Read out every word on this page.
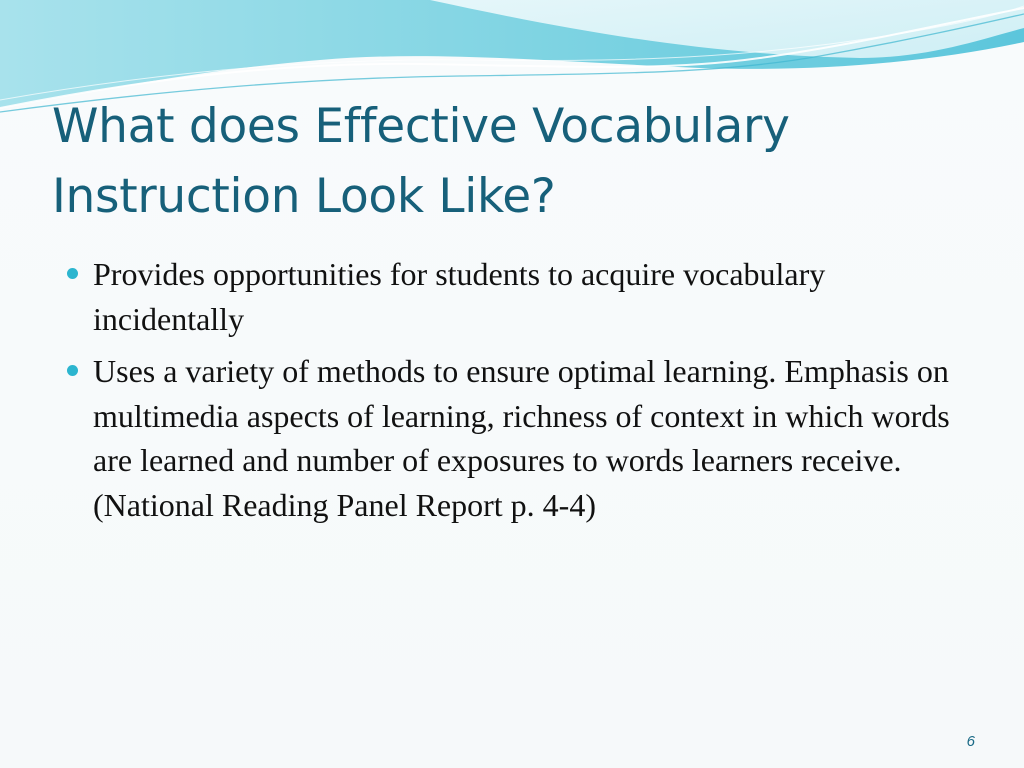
What does Effective Vocabulary Instruction Look Like?
Provides opportunities for students to acquire vocabulary incidentally
Uses a variety of methods to ensure optimal learning. Emphasis on multimedia aspects of learning, richness of context in which words are learned and number of exposures to words learners receive. (National Reading Panel Report p. 4-4)
6
